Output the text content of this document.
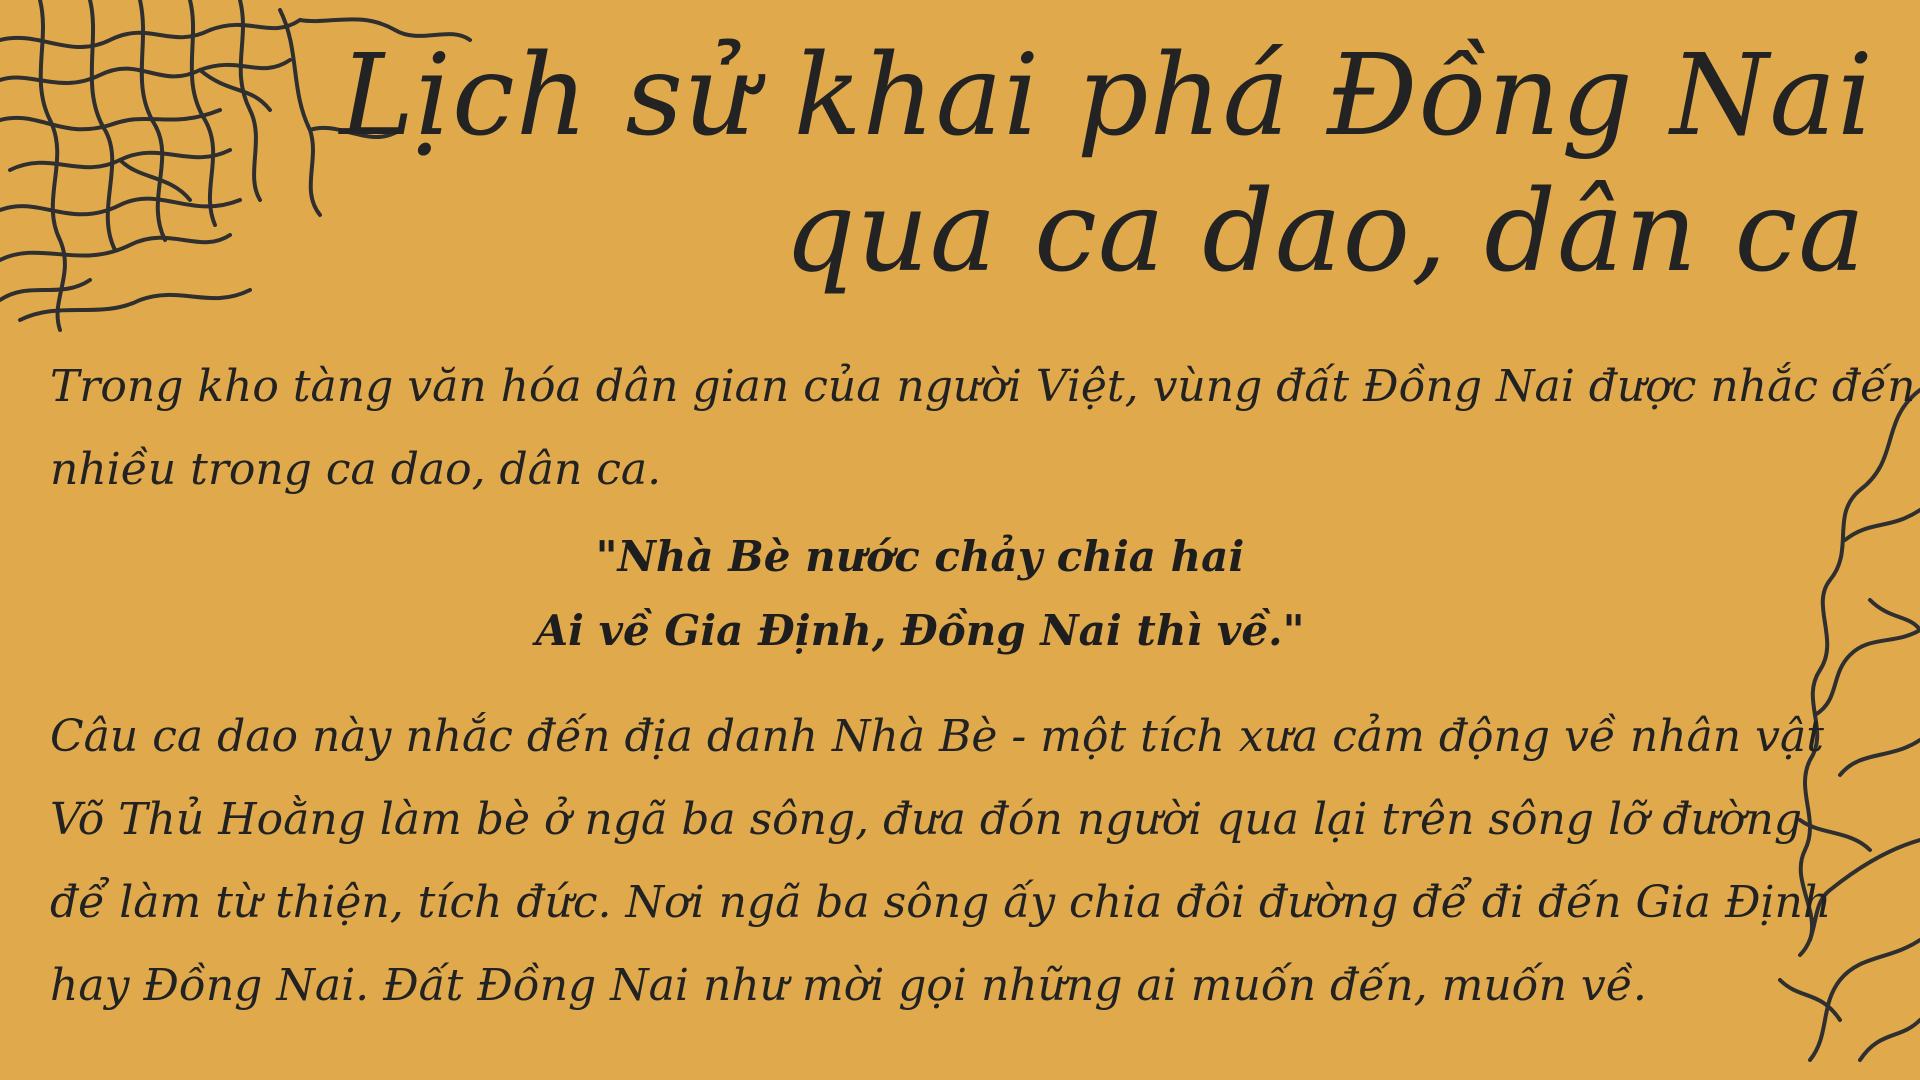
Lịch sử khai phá Đồng Nai
qua ca dao, dân ca
Trong kho tàng văn hóa dân gian của người Việt, vùng đất Đồng Nai được nhắc đến
nhiều trong ca dao, dân ca.
"Nhà Bè nước chảy chia hai
Ai về Gia Định, Đồng Nai thì về."
Câu ca dao này nhắc đến địa danh Nhà Bè - một tích xưa cảm động về nhân vật
Võ Thủ Hoằng làm bè ở ngã ba sông, đưa đón người qua lại trên sông lỡ đường
để làm từ thiện, tích đức. Nơi ngã ba sông ấy chia đôi đường để đi đến Gia Định
hay Đồng Nai. Đất Đồng Nai như mời gọi những ai muốn đến, muốn về.
